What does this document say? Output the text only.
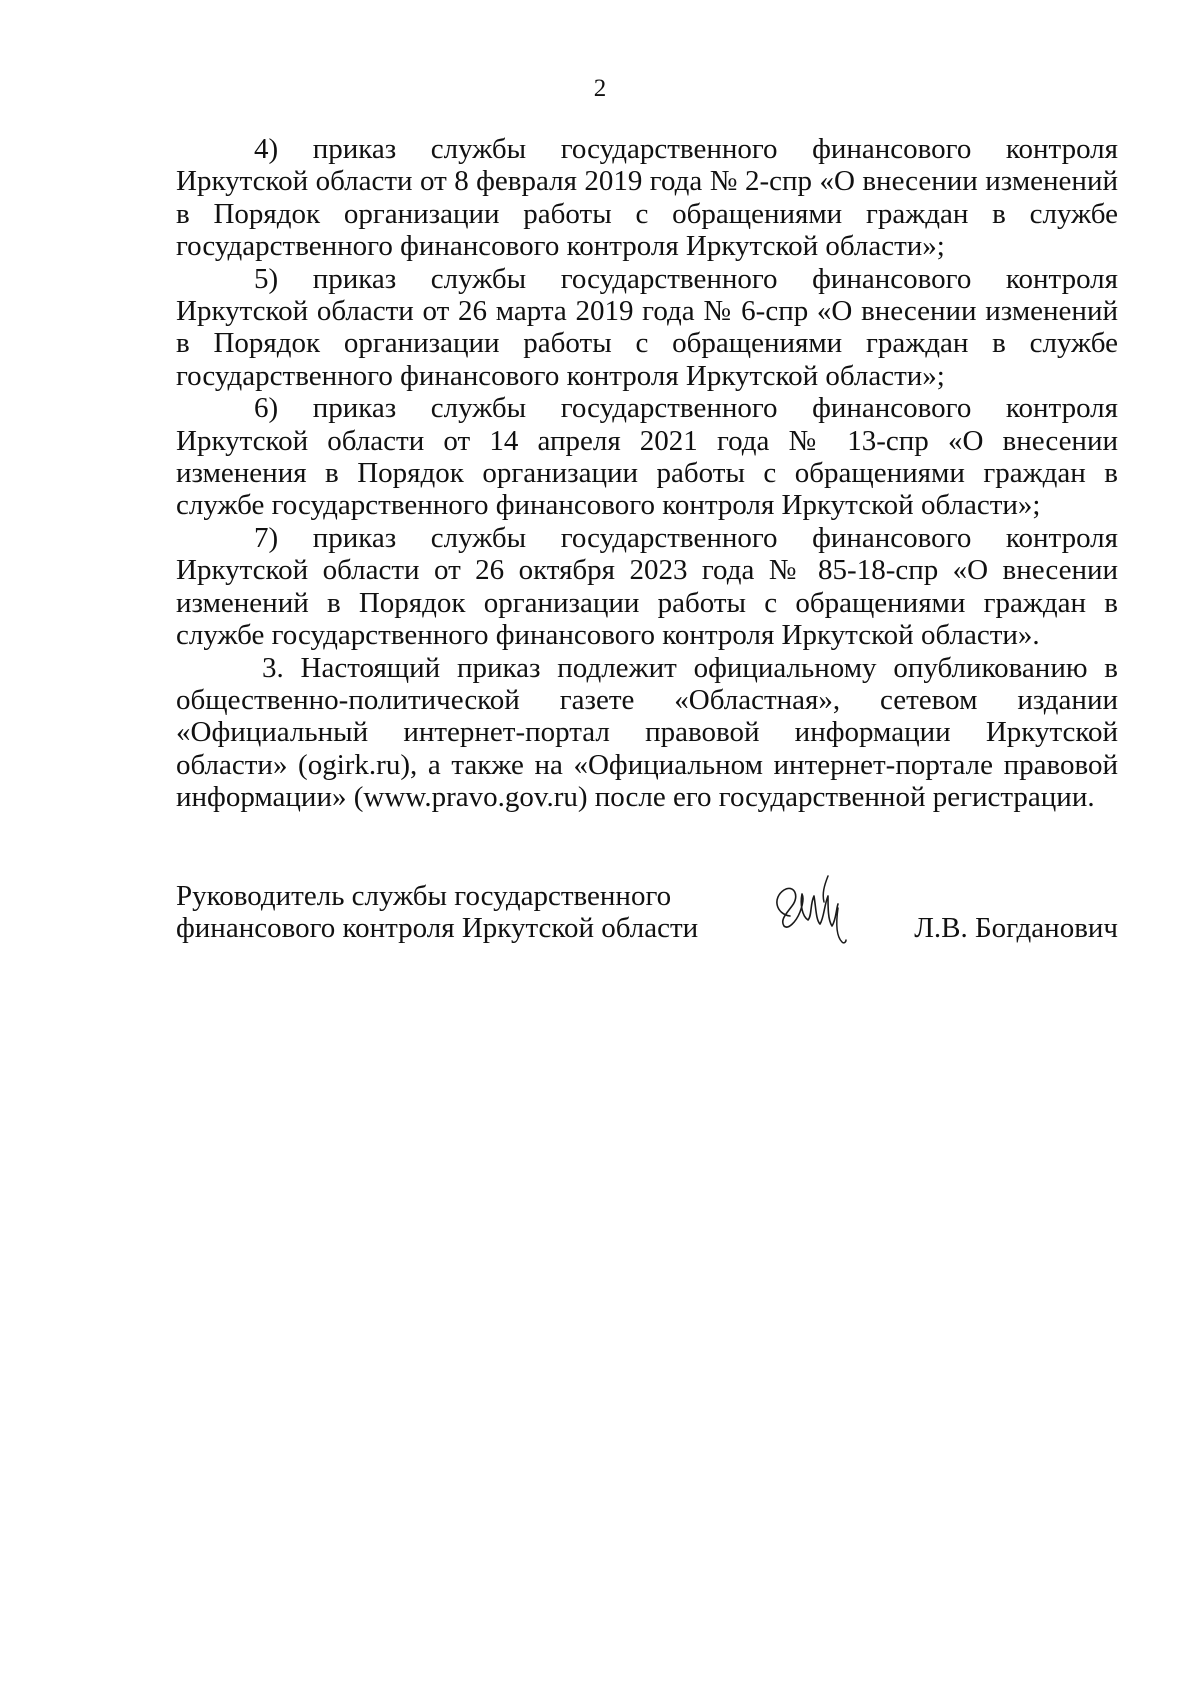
2

4) приказ службы государственного финансового контроля Иркутской области от 8 февраля 2019 года № 2-спр «О внесении изменений в Порядок организации работы с обращениями граждан в службе государственного финансового контроля Иркутской области»;

5) приказ службы государственного финансового контроля Иркутской области от 26 марта 2019 года № 6-спр «О внесении изменений в Порядок организации работы с обращениями граждан в службе государственного финансового контроля Иркутской области»;

6) приказ службы государственного финансового контроля Иркутской области от 14 апреля 2021 года № 13-спр «О внесении изменения в Порядок организации работы с обращениями граждан в службе государственного финансового контроля Иркутской области»;

7) приказ службы государственного финансового контроля Иркутской области от 26 октября 2023 года № 85-18-спр «О внесении изменений в Порядок организации работы с обращениями граждан в службе государственного финансового контроля Иркутской области».

3. Настоящий приказ подлежит официальному опубликованию в общественно-политической газете «Областная», сетевом издании «Официальный интернет-портал правовой информации Иркутской области» (ogirk.ru), а также на «Официальном интернет-портале правовой информации» (www.pravo.gov.ru) после его государственной регистрации.

Руководитель службы государственного
финансового контроля Иркутской области	Л.В. Богданович
